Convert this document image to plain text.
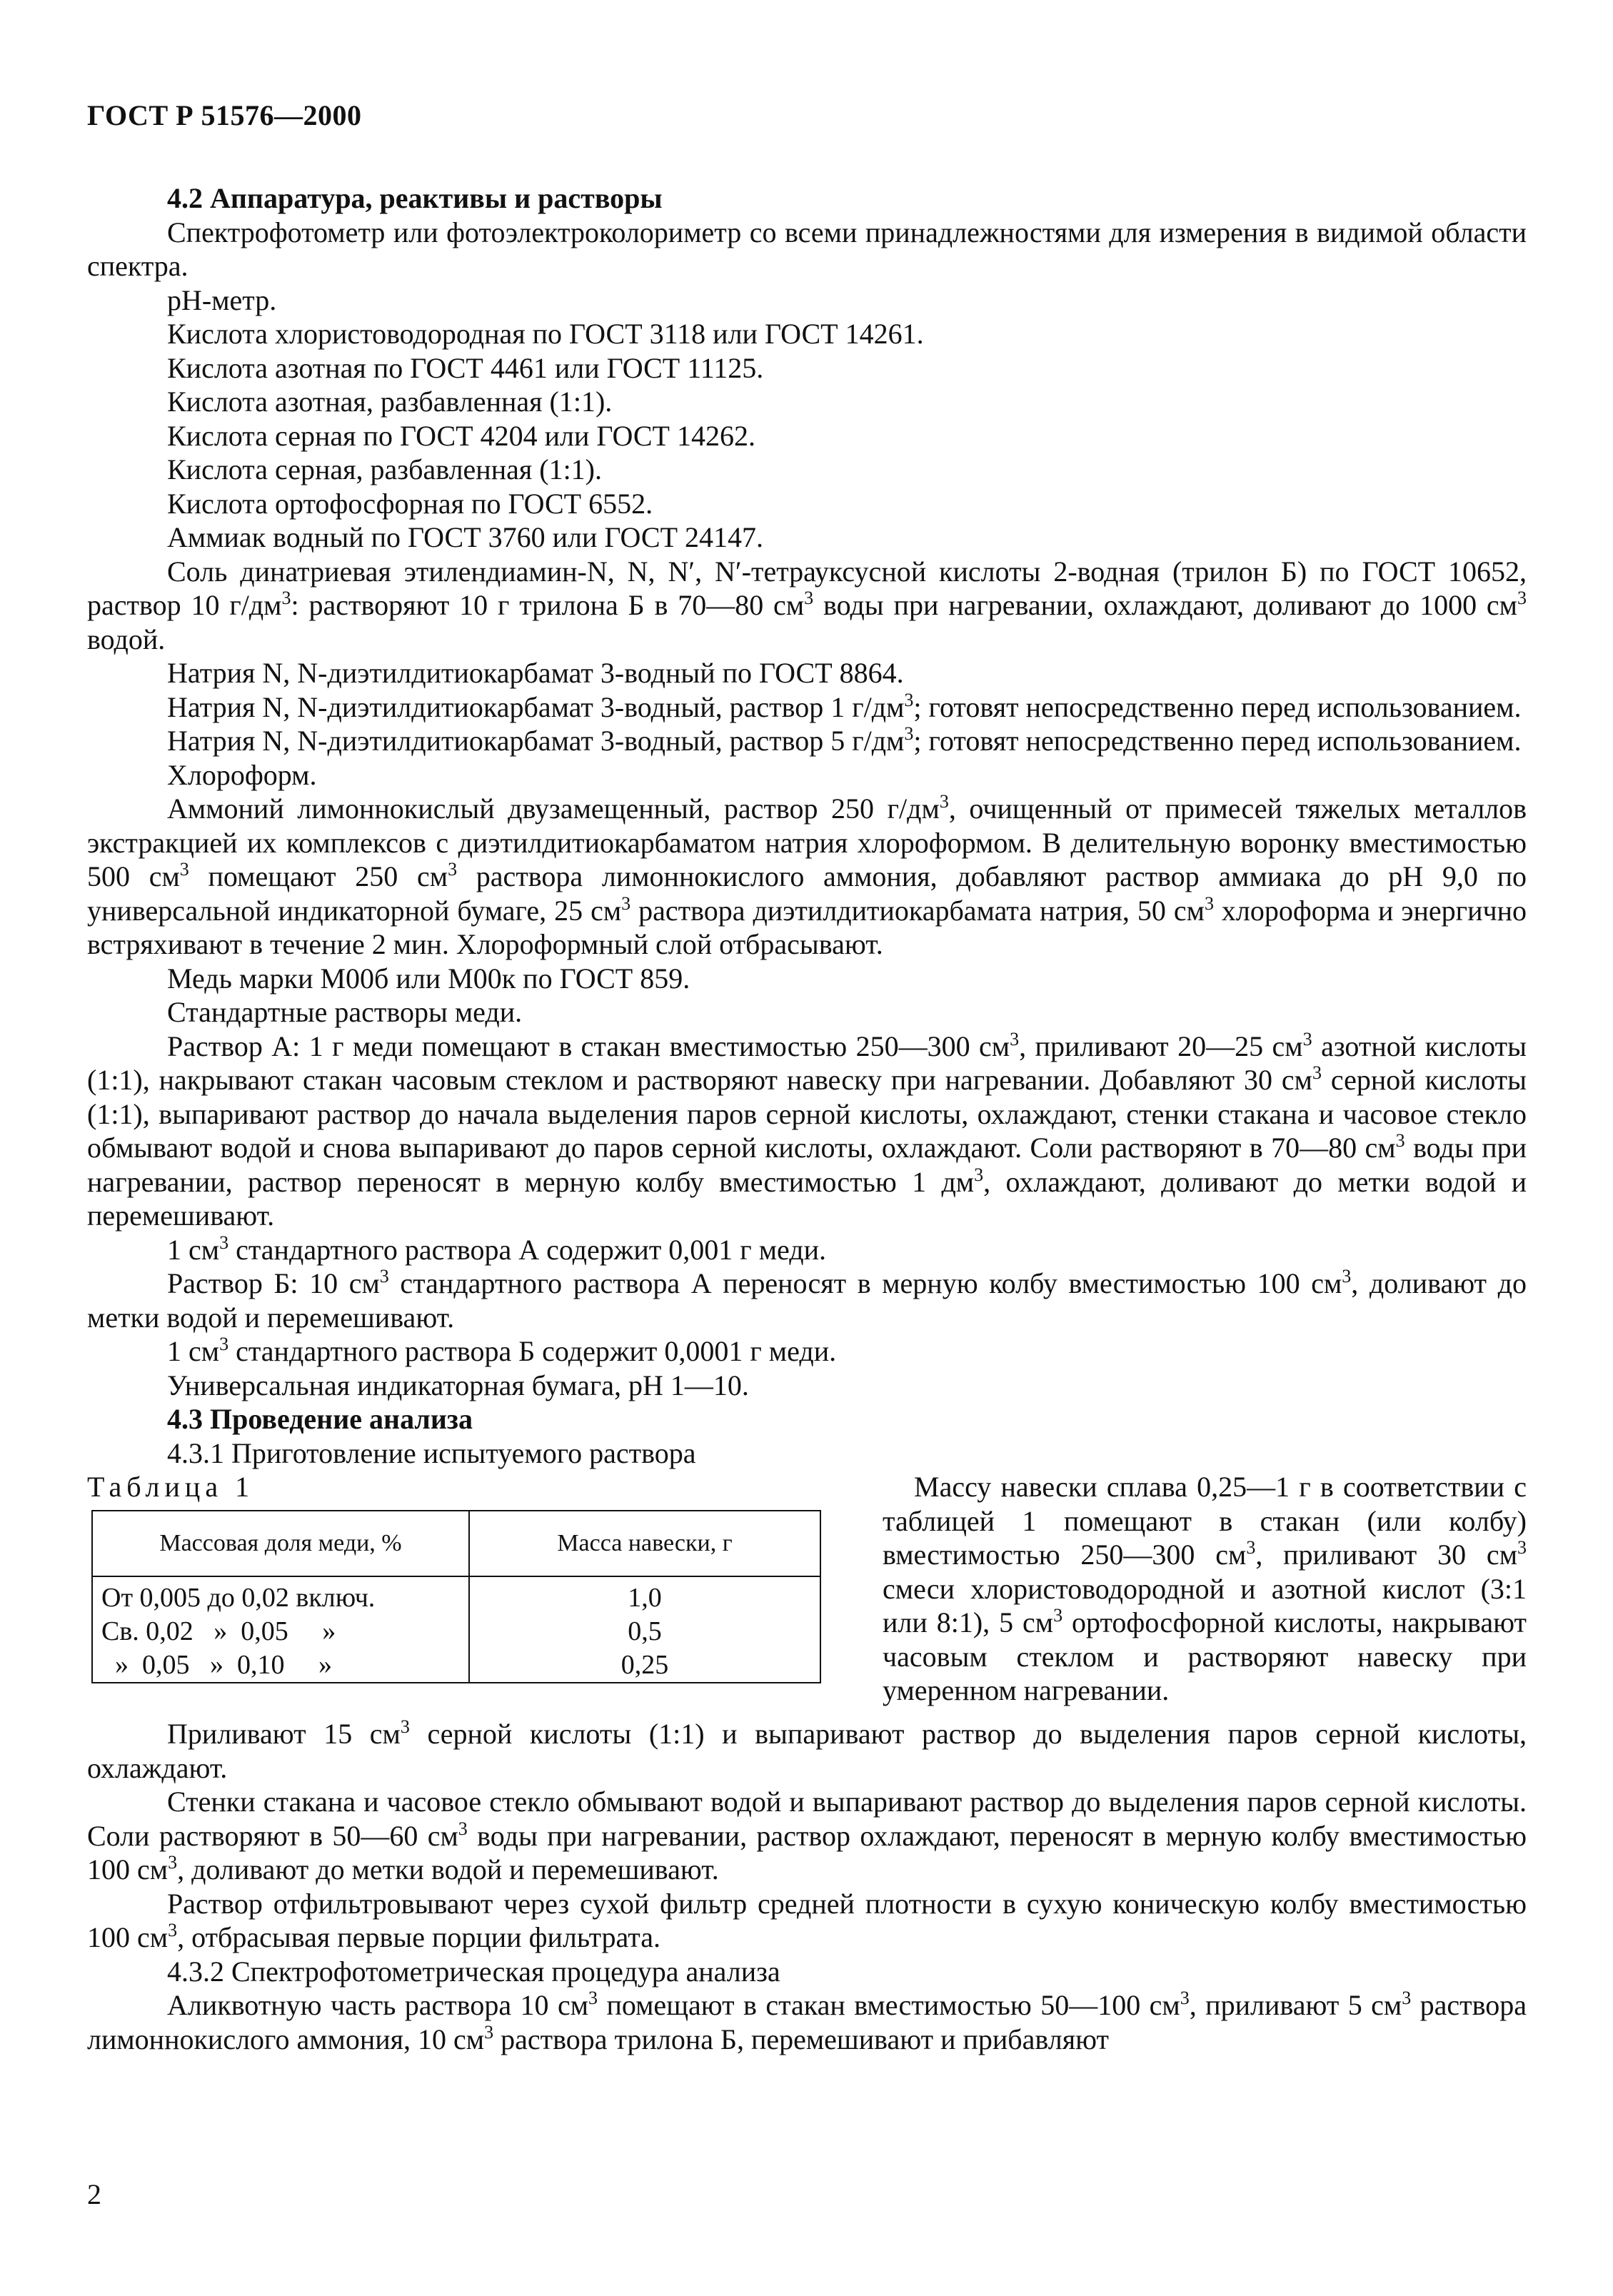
ГОСТ Р 51576—2000
4.2 Аппаратура, реактивы и растворы

Спектрофотометр или фотоэлектроколориметр со всеми принадлежностями для измерения в видимой области спектра.

рН-метр.

Кислота хлористоводородная по ГОСТ 3118 или ГОСТ 14261.

Кислота азотная по ГОСТ 4461 или ГОСТ 11125.

Кислота азотная, разбавленная (1:1).

Кислота серная по ГОСТ 4204 или ГОСТ 14262.

Кислота серная, разбавленная (1:1).

Кислота ортофосфорная по ГОСТ 6552.

Аммиак водный по ГОСТ 3760 или ГОСТ 24147.

Соль динатриевая этилендиамин-N, N, N′, N′-тетрауксусной кислоты 2-водная (трилон Б) по ГОСТ 10652, раствор 10 $г/дм^3$: растворяют 10 г трилона Б в 70—80 $см^3$ воды при нагревании, охлаждают, доливают до 1000 $см^3$ водой.

Натрия N, N-диэтилдитиокарбамат 3-водный по ГОСТ 8864.

Натрия N, N-диэтилдитиокарбамат 3-водный, раствор 1 $г/дм^3$; готовят непосредственно перед использованием.

Натрия N, N-диэтилдитиокарбамат 3-водный, раствор 5 $г/дм^3$; готовят непосредственно перед использованием.

Хлороформ.

Аммоний лимоннокислый двузамещенный, раствор 250 $г/дм^3$, очищенный от примесей тяжелых металлов экстракцией их комплексов с диэтилдитиокарбаматом натрия хлороформом. В делительную воронку вместимостью 500 $см^3$ помещают 250 $см^3$ раствора лимоннокислого аммония, добавляют раствор аммиака до рН 9,0 по универсальной индикаторной бумаге, 25 $см^3$ раствора диэтилдитиокарбамата натрия, 50 $см^3$ хлороформа и энергично встряхивают в течение 2 мин. Хлороформный слой отбрасывают.

Медь марки М00б или М00к по ГОСТ 859.

Стандартные растворы меди.

Раствор А: 1 г меди помещают в стакан вместимостью 250—300 $см^3$, приливают 20—25 $см^3$ азотной кислоты (1:1), накрывают стакан часовым стеклом и растворяют навеску при нагревании. Добавляют 30 $см^3$ серной кислоты (1:1), выпаривают раствор до начала выделения паров серной кислоты, охлаждают, стенки стакана и часовое стекло обмывают водой и снова выпаривают до паров серной кислоты, охлаждают. Соли растворяют в 70—80 $см^3$ воды при нагревании, раствор переносят в мерную колбу вместимостью 1 $дм^3$, охлаждают, доливают до метки водой и перемешивают.

1 $см^3$ стандартного раствора А содержит 0,001 г меди.

Раствор Б: 10 $см^3$ стандартного раствора А переносят в мерную колбу вместимостью 100 $см^3$, доливают до метки водой и перемешивают.

1 $см^3$ стандартного раствора Б содержит 0,0001 г меди.

Универсальная индикаторная бумага, рН 1—10.

4.3 Проведение анализа

4.3.1 Приготовление испытуемого раствора

Таблица 1
Массовая доля меди, %	Масса навески, г
От 0,005 до 0,02 включ.	1,0
Св. 0,02   »  0,05     »	0,5
»  0,05   »  0,10     »	0,25

Массу навески сплава 0,25—1 г в соответствии с таблицей 1 помещают в стакан (или колбу) вместимостью 250—300 $см^3$, приливают 30 $см^3$ смеси хлористоводородной и азотной кислот (3:1 или 8:1), 5 $см^3$ ортофосфорной кислоты, накрывают часовым стеклом и растворяют навеску при умеренном нагревании.

Приливают 15 $см^3$ серной кислоты (1:1) и выпаривают раствор до выделения паров серной кислоты, охлаждают.

Стенки стакана и часовое стекло обмывают водой и выпаривают раствор до выделения паров серной кислоты. Соли растворяют в 50—60 $см^3$ воды при нагревании, раствор охлаждают, переносят в мерную колбу вместимостью 100 $см^3$, доливают до метки водой и перемешивают.

Раствор отфильтровывают через сухой фильтр средней плотности в сухую коническую колбу вместимостью 100 $см^3$, отбрасывая первые порции фильтрата.

4.3.2 Спектрофотометрическая процедура анализа

Аликвотную часть раствора 10 $см^3$ помещают в стакан вместимостью 50—100 $см^3$, приливают 5 $см^3$ раствора лимоннокислого аммония, 10 $см^3$ раствора трилона Б, перемешивают и прибавляют

2
